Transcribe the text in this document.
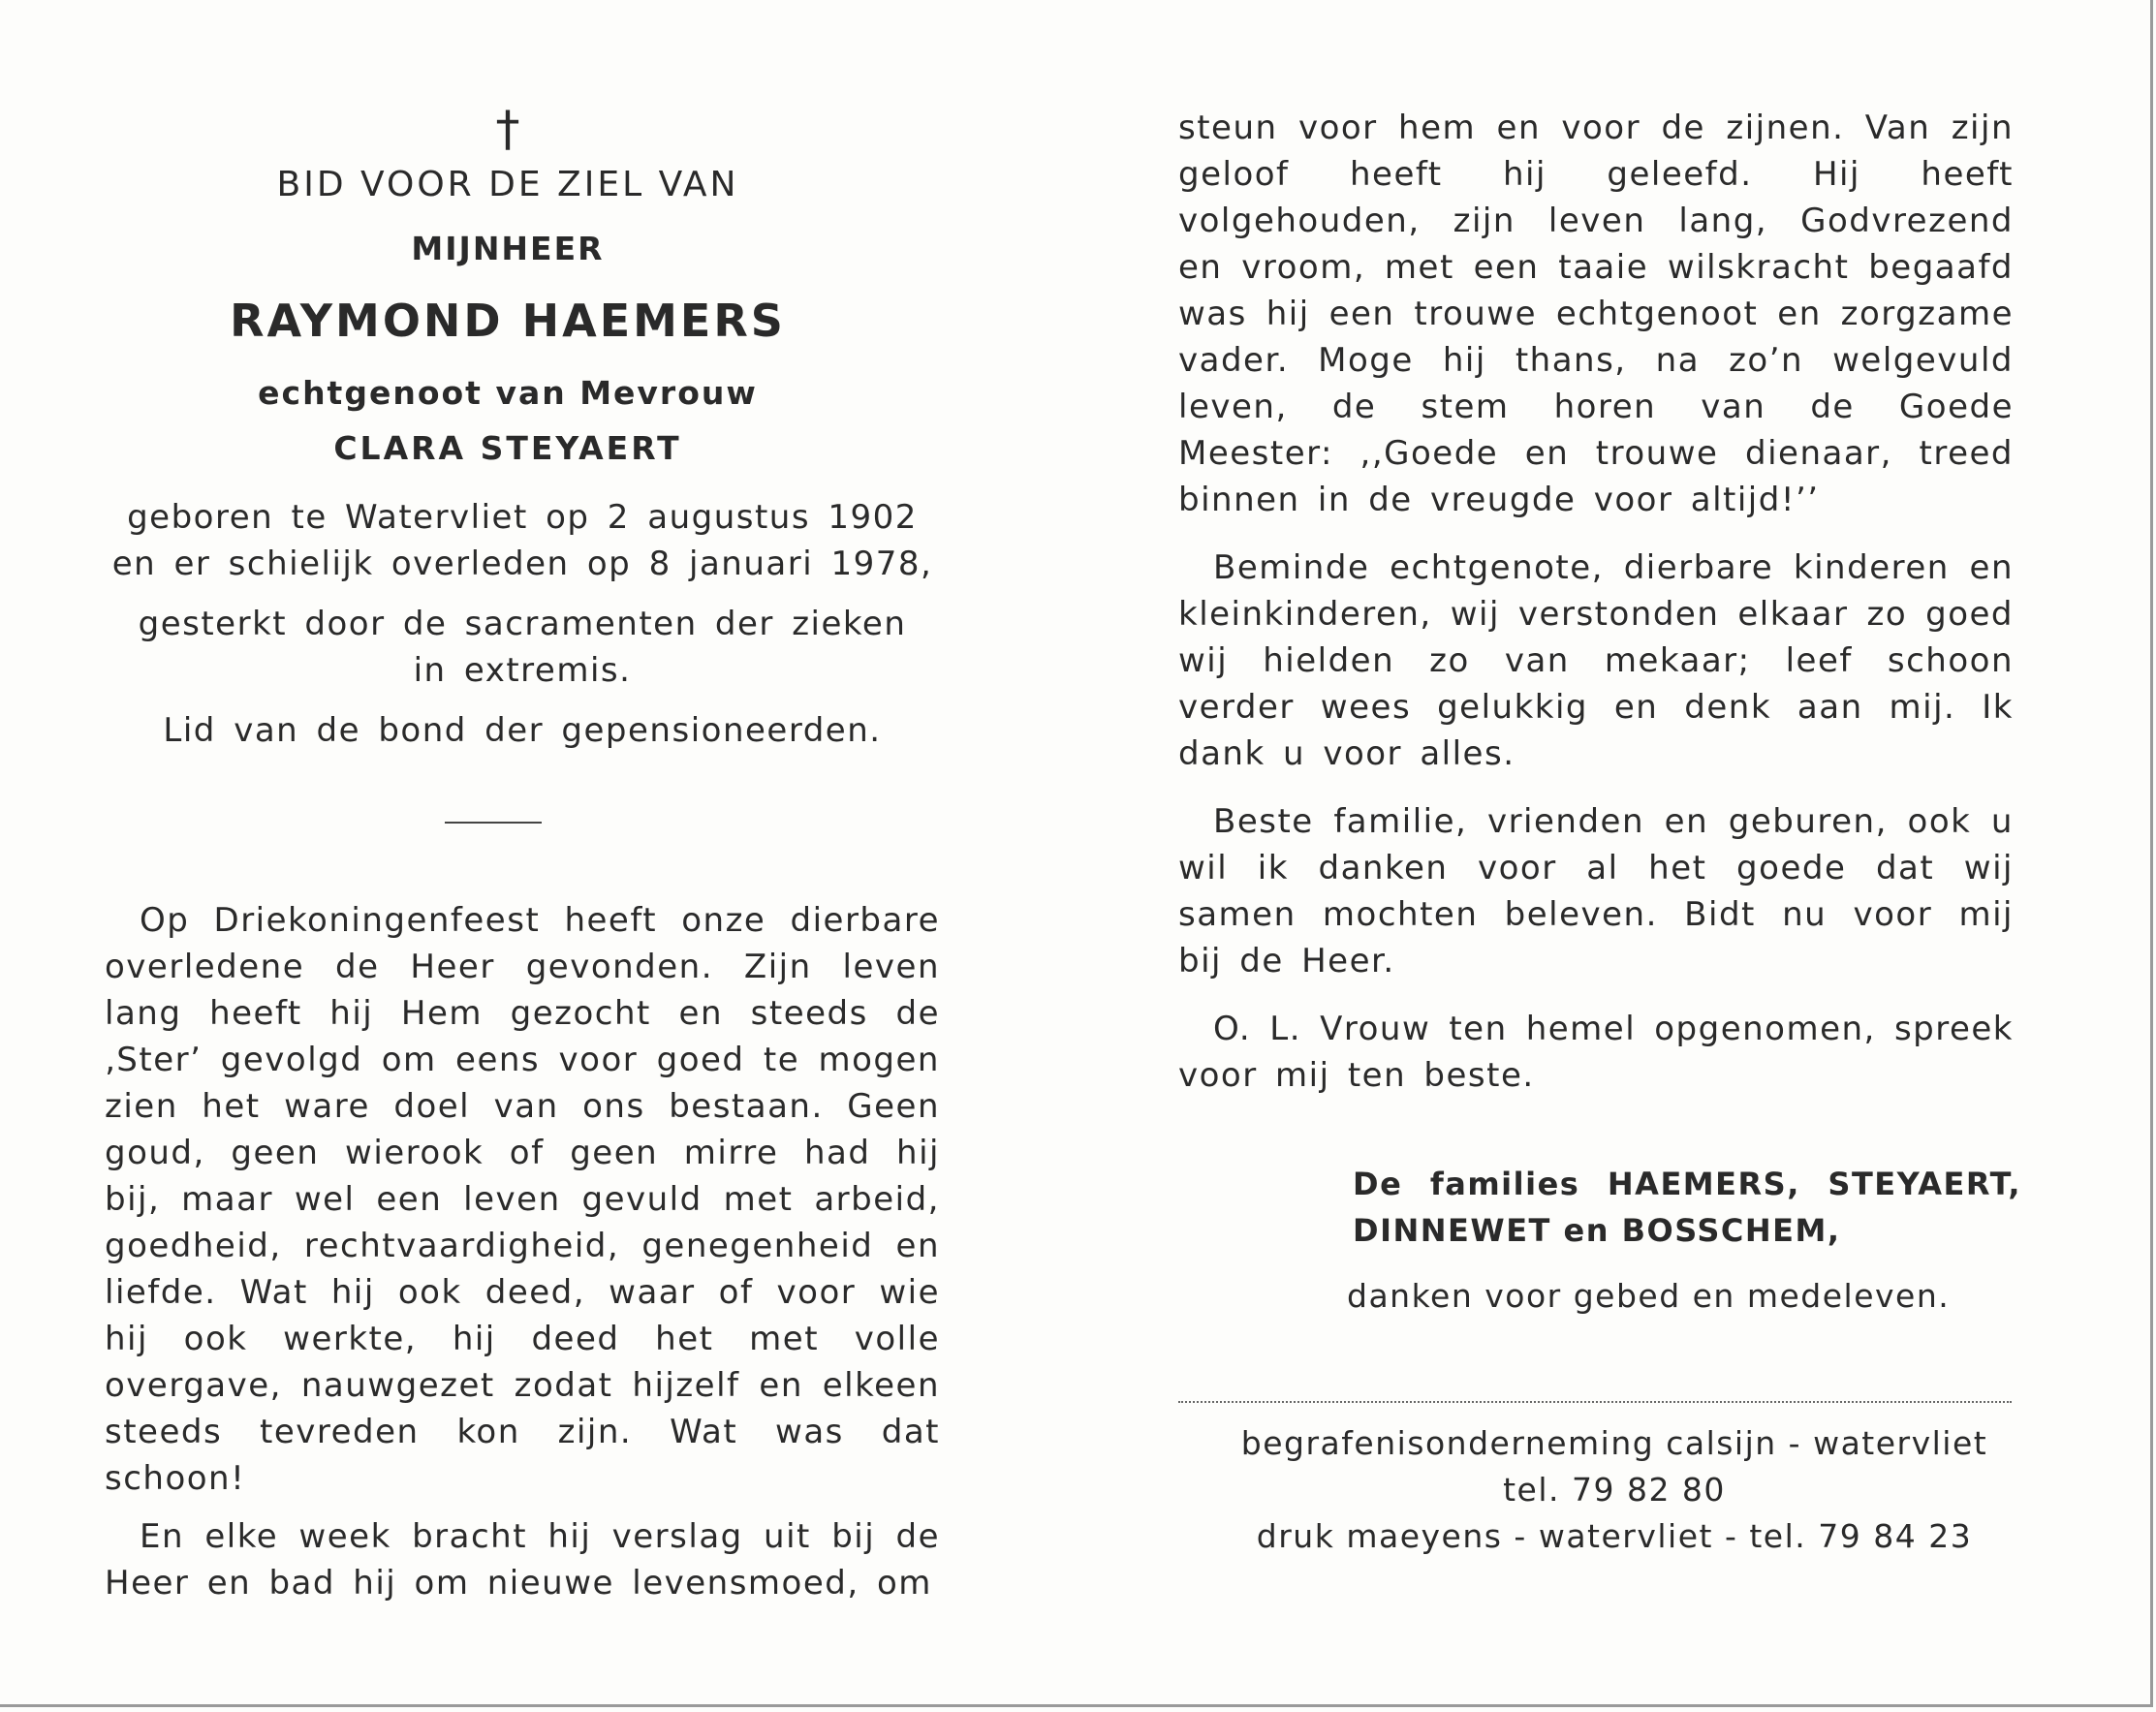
†
BID VOOR DE ZIEL VAN
MIJNHEER
RAYMOND HAEMERS
echtgenoot van Mevrouw
CLARA STEYAERT

geboren te Watervliet op 2 augustus 1902

en er schielijk overleden op 8 januari 1978,

gesterkt door de sacramenten der zieken

in extremis.

Lid van de bond der gepensioneerden.

Op Driekoningenfeest heeft onze dierbare overledene de Heer gevonden. Zijn leven lang heeft hij Hem gezocht en steeds de ‚Ster’ gevolgd om eens voor goed te mogen zien het ware doel van ons bestaan. Geen goud, geen wierook of geen mirre had hij bij, maar wel een leven gevuld met arbeid, goedheid, rechtvaardigheid, genegenheid en liefde. Wat hij ook deed, waar of voor wie hij ook werkte, hij deed het met volle overgave, nauwgezet zodat hijzelf en elkeen steeds tevreden kon zijn. Wat was dat schoon!

En elke week bracht hij verslag uit bij de Heer en bad hij om nieuwe levensmoed, om

steun voor hem en voor de zijnen. Van zijn geloof heeft hij geleefd. Hij heeft volgehouden, zijn leven lang, Godvrezend en vroom, met een taaie wilskracht begaafd was hij een trouwe echtgenoot en zorgzame vader. Moge hij thans, na zo’n welgevuld leven, de stem horen van de Goede Meester: ,,Goede en trouwe dienaar, treed binnen in de vreugde voor altijd!’’

Beminde echtgenote, dierbare kinderen en kleinkinderen, wij verstonden elkaar zo goed wij hielden zo van mekaar; leef schoon verder wees gelukkig en denk aan mij. Ik dank u voor alles.

Beste familie, vrienden en geburen, ook u wil ik danken voor al het goede dat wij samen mochten beleven. Bidt nu voor mij bij de Heer.

O. L. Vrouw ten hemel opgenomen, spreek voor mij ten beste.

De families HAEMERS, STEYAERT, DINNEWET en BOSSCHEM,
danken voor gebed en medeleven.
begrafenisonderneming calsijn - watervliet
tel. 79 82 80
druk maeyens - watervliet - tel. 79 84 23
